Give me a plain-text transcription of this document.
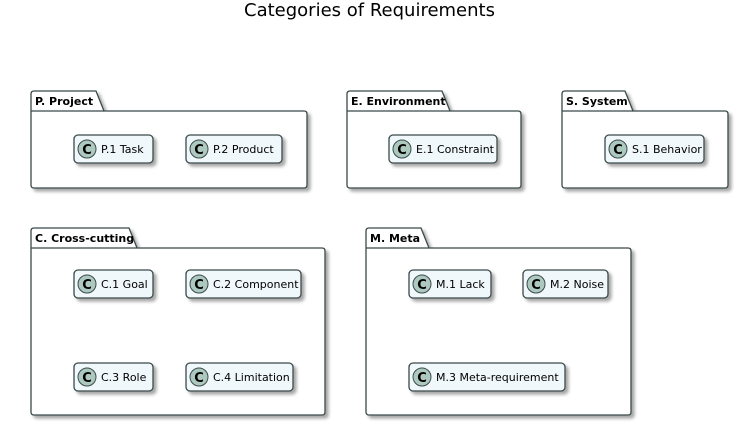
Categories of Requirements
P. Project
C P.1 Task	C P.2 Product
E. Environment
C E.1 Constraint
S. System
C S.1 Behavior
C. Cross-cutting
C C.1 Goal	C C.2 Component
C C.3 Role	C C.4 Limitation
M. Meta
C M.1 Lack	C M.2 Noise
C M.3 Meta-requirement
